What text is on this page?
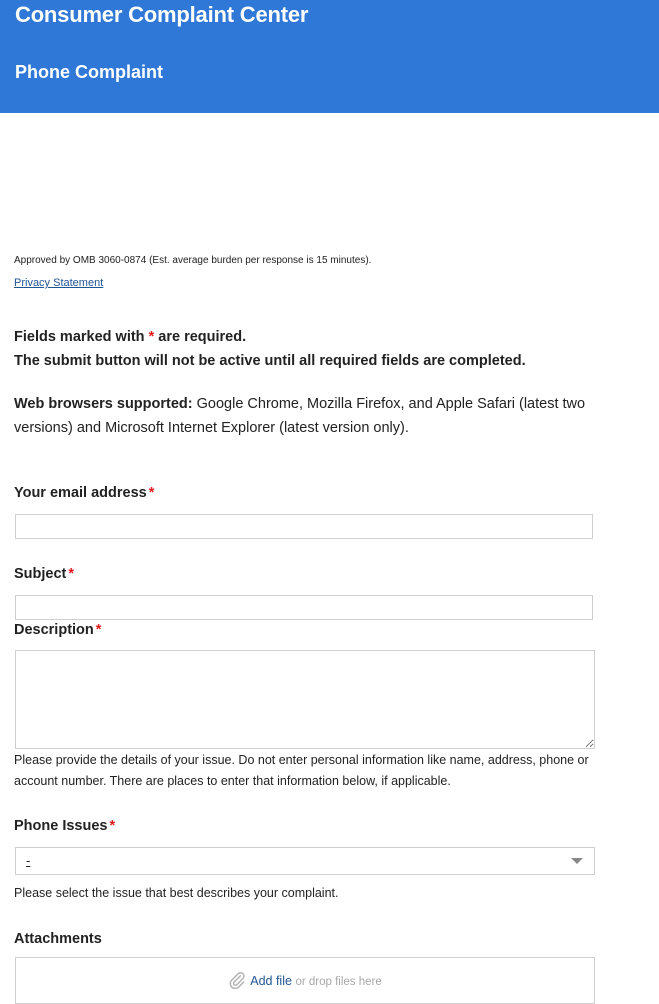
Consumer Complaint Center
Phone Complaint
Approved by OMB 3060-0874 (Est. average burden per response is 15 minutes).
Privacy Statement
Fields marked with * are required.
The submit button will not be active until all required fields are completed.
Web browsers supported: Google Chrome, Mozilla Firefox, and Apple Safari (latest two versions) and Microsoft Internet Explorer (latest version only).
Your email address *
Subject *
Description *
Please provide the details of your issue. Do not enter personal information like name, address, phone or account number. There are places to enter that information below, if applicable.
Phone Issues *
-
Please select the issue that best describes your complaint.
Attachments
Add file or drop files here
